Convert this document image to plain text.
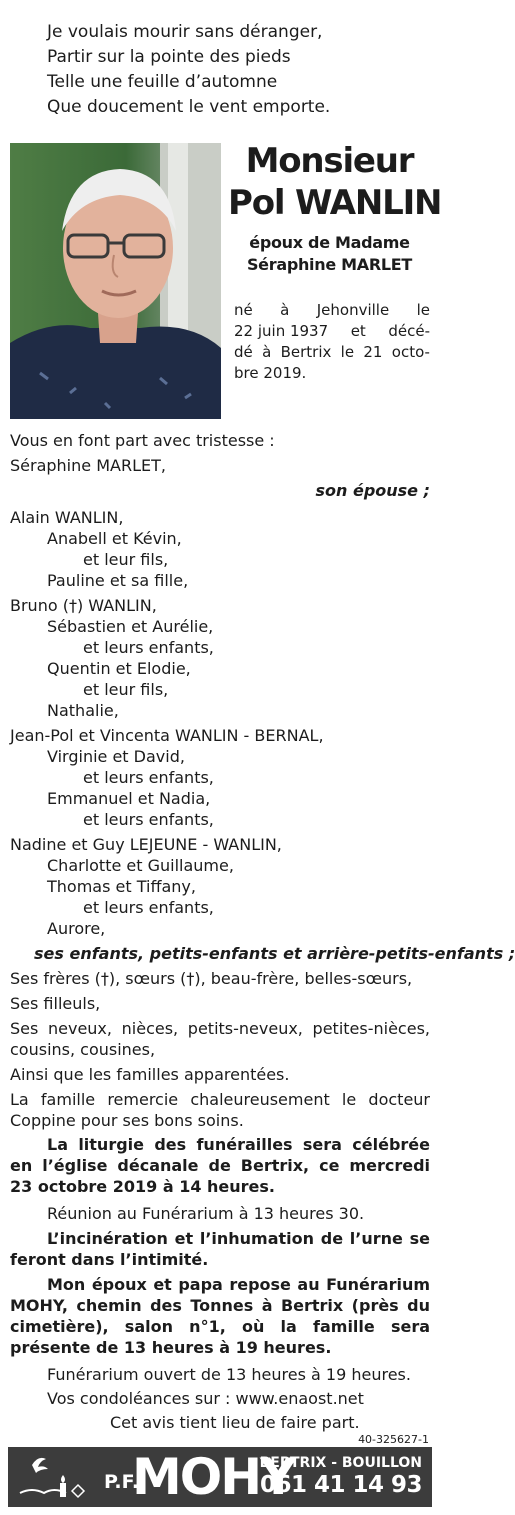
Je voulais mourir sans déranger,
Partir sur la pointe des pieds
Telle une feuille d’automne
Que doucement le vent emporte.
Monsieur
Pol WANLIN
époux de Madame
Séraphine MARLET
né à Jehonville le
22 juin 1937 et décé-
dé à Bertrix le 21 octo-
bre 2019.
Vous en font part avec tristesse :
Séraphine MARLET,
son épouse ;
Alain WANLIN,
Anabell et Kévin,
et leur fils,
Pauline et sa fille,
Bruno (†) WANLIN,
Sébastien et Aurélie,
et leurs enfants,
Quentin et Elodie,
et leur fils,
Nathalie,
Jean-Pol et Vincenta WANLIN - BERNAL,
Virginie et David,
et leurs enfants,
Emmanuel et Nadia,
et leurs enfants,
Nadine et Guy LEJEUNE - WANLIN,
Charlotte et Guillaume,
Thomas et Tiffany,
et leurs enfants,
Aurore,
ses enfants, petits-enfants et arrière-petits-enfants ;
Ses frères (†), sœurs (†), beau-frère, belles-sœurs,
Ses filleuls,
Ses neveux, nièces, petits-neveux, petites-nièces, cousins, cousines,
Ainsi que les familles apparentées.
La famille remercie chaleureusement le docteur Coppine pour ses bons soins.
La liturgie des funérailles sera célébrée en l’église décanale de Bertrix, ce mercredi 23 octobre 2019 à 14 heures.
Réunion au Funérarium à 13 heures 30.
L’incinération et l’inhumation de l’urne se feront dans l’intimité.
Mon époux et papa repose au Funérarium MOHY, chemin des Tonnes à Bertrix (près du cimetière), salon n°1, où la famille sera présente de 13 heures à 19 heures.
Funérarium ouvert de 13 heures à 19 heures.
Vos condoléances sur : www.enaost.net
Cet avis tient lieu de faire part.
40-325627-1
P.F.
MOHY
BERTRIX - BOUILLON
061 41 14 93
